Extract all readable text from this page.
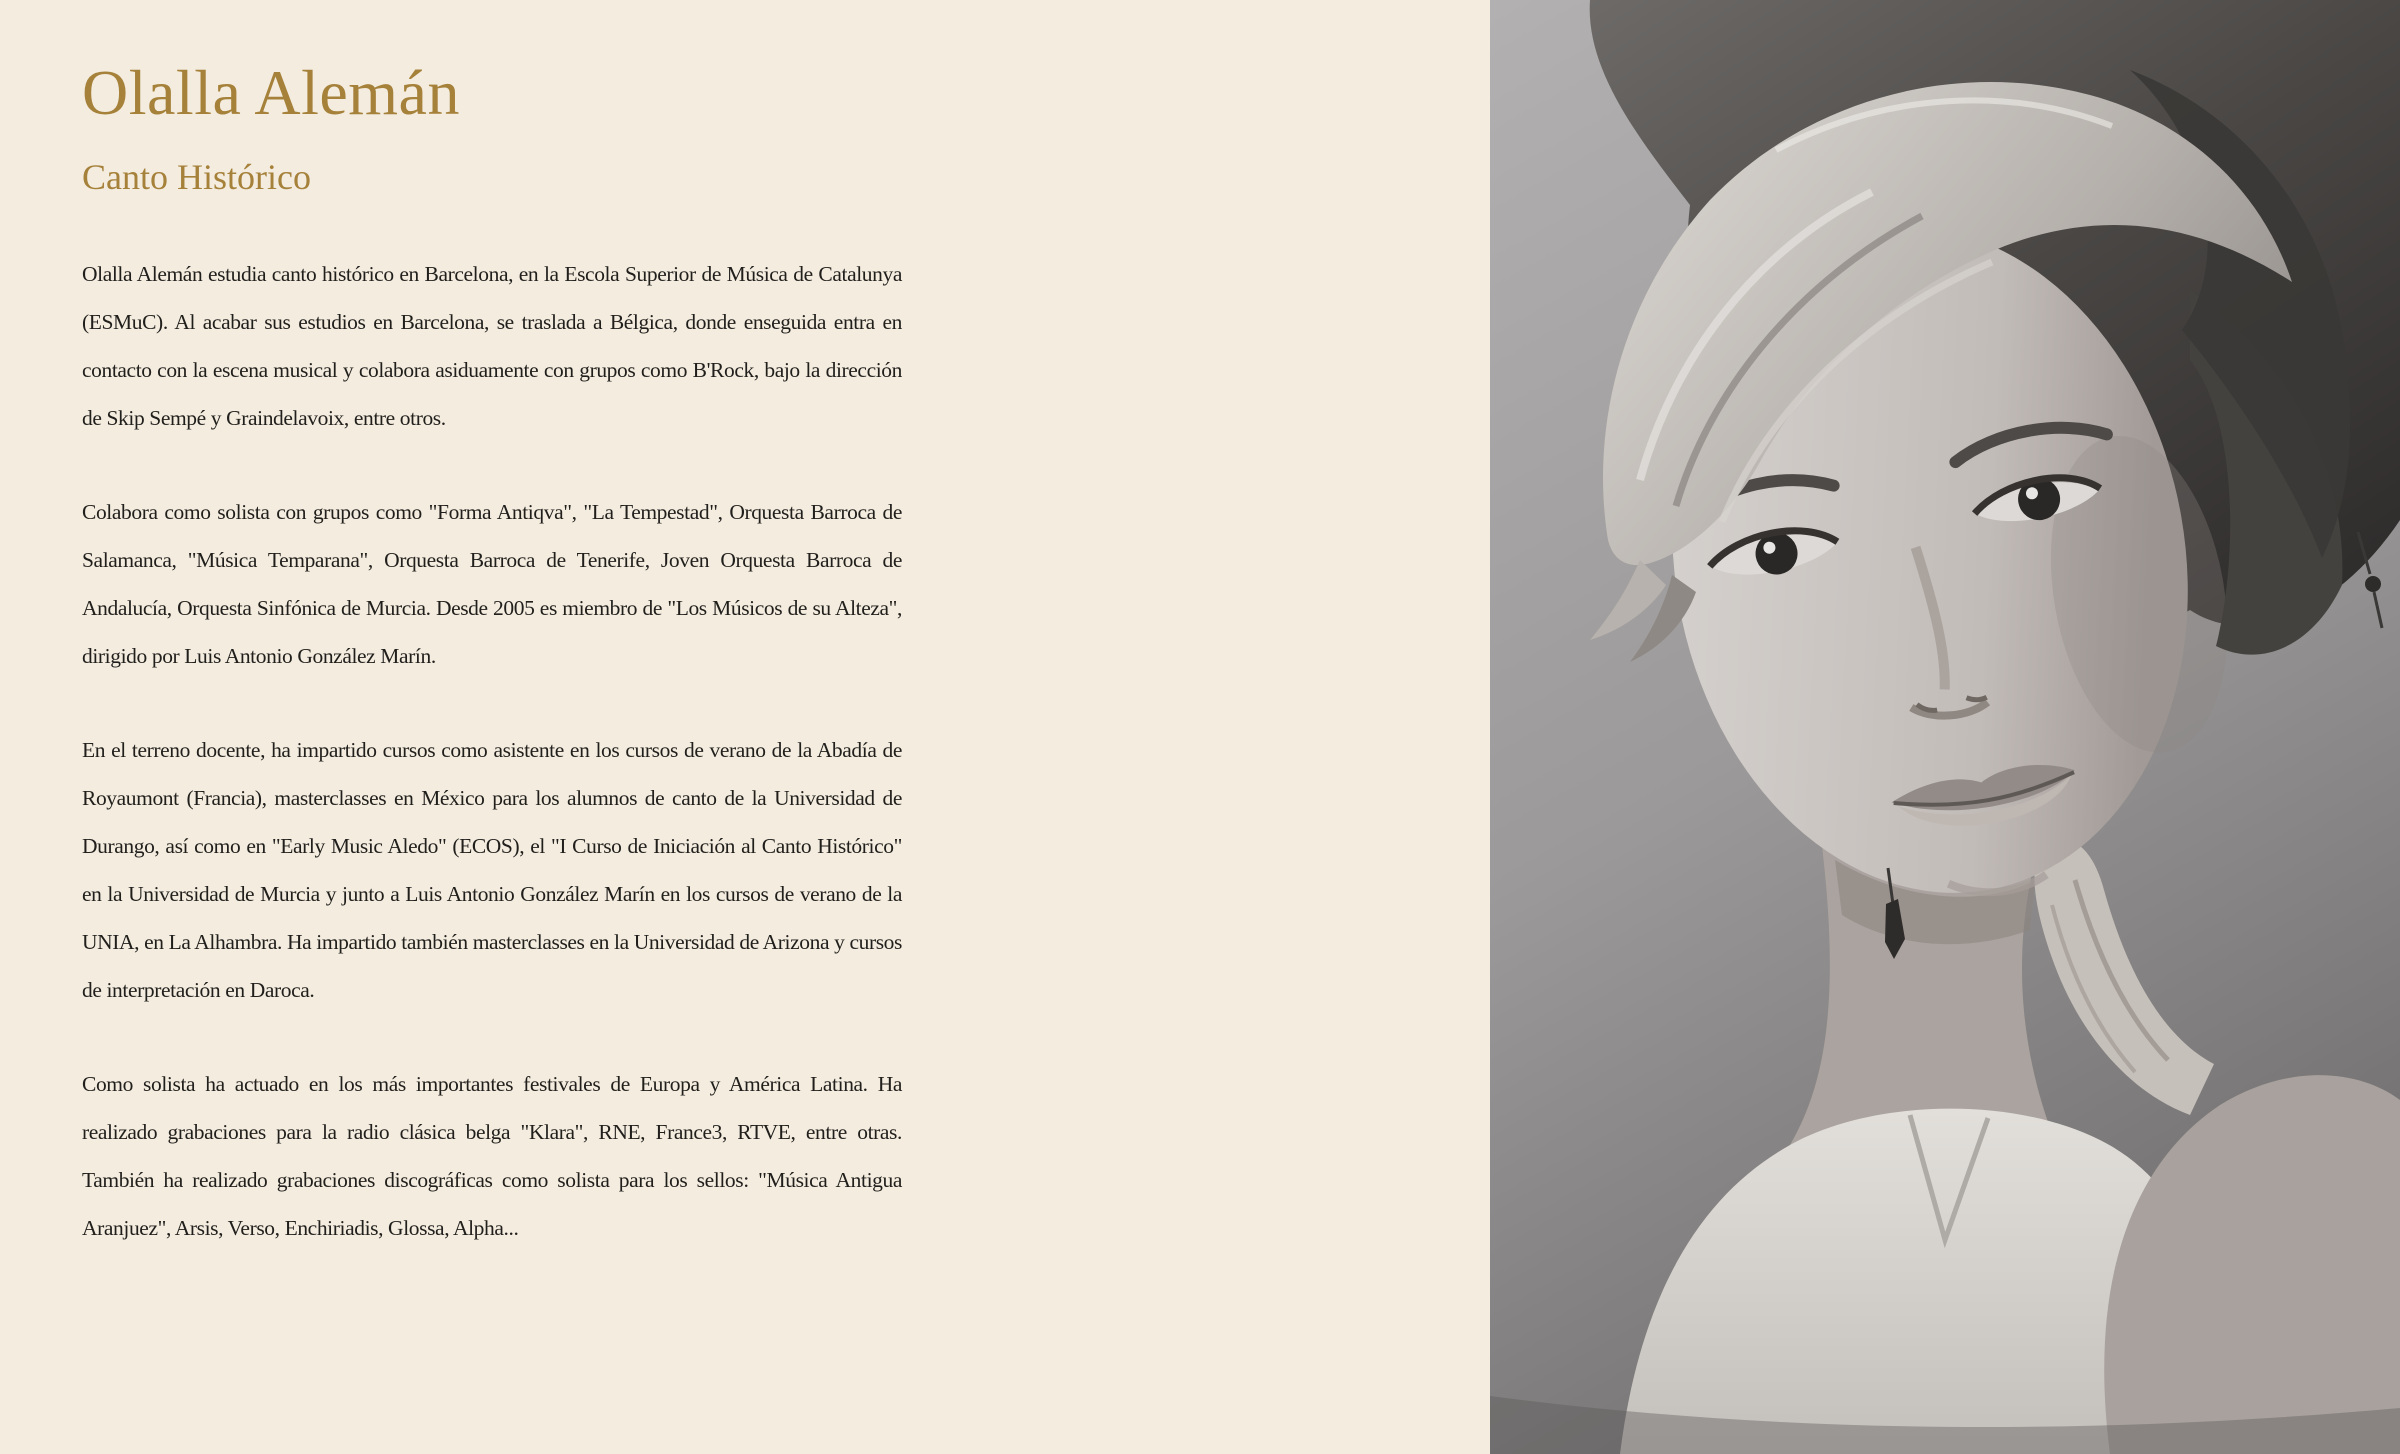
Olalla Alemán
Canto Histórico

Olalla Alemán estudia canto histórico en Barcelona, en la Escola Superior de Música de Catalunya (ESMuC). Al acabar sus estudios en Barcelona, se traslada a Bélgica, donde enseguida entra en contacto con la escena musical y colabora asiduamente con grupos como B'Rock, bajo la dirección de Skip Sempé y Graindelavoix, entre otros.

Colabora como solista con grupos como "Forma Antiqva", "La Tempestad", Orquesta Barroca de Salamanca, "Música Temparana", Orquesta Barroca de Tenerife, Joven Orquesta Barroca de Andalucía, Orquesta Sinfónica de Murcia. Desde 2005 es miembro de "Los Músicos de su Alteza", dirigido por Luis Antonio González Marín.

En el terreno docente, ha impartido cursos como asistente en los cursos de verano de la Abadía de Royaumont (Francia), masterclasses en México para los alumnos de canto de la Universidad de Durango, así como en "Early Music Aledo" (ECOS), el "I Curso de Iniciación al Canto Histórico" en la Universidad de Murcia y junto a Luis Antonio González Marín en los cursos de verano de la UNIA, en La Alhambra. Ha impartido también masterclasses en la Universidad de Arizona y cursos de interpretación en Daroca.

Como solista ha actuado en los más importantes festivales de Europa y América Latina. Ha realizado grabaciones para la radio clásica belga "Klara", RNE, France3, RTVE, entre otras. También ha realizado grabaciones discográficas como solista para los sellos: "Música Antigua Aranjuez", Arsis, Verso, Enchiriadis, Glossa, Alpha...
